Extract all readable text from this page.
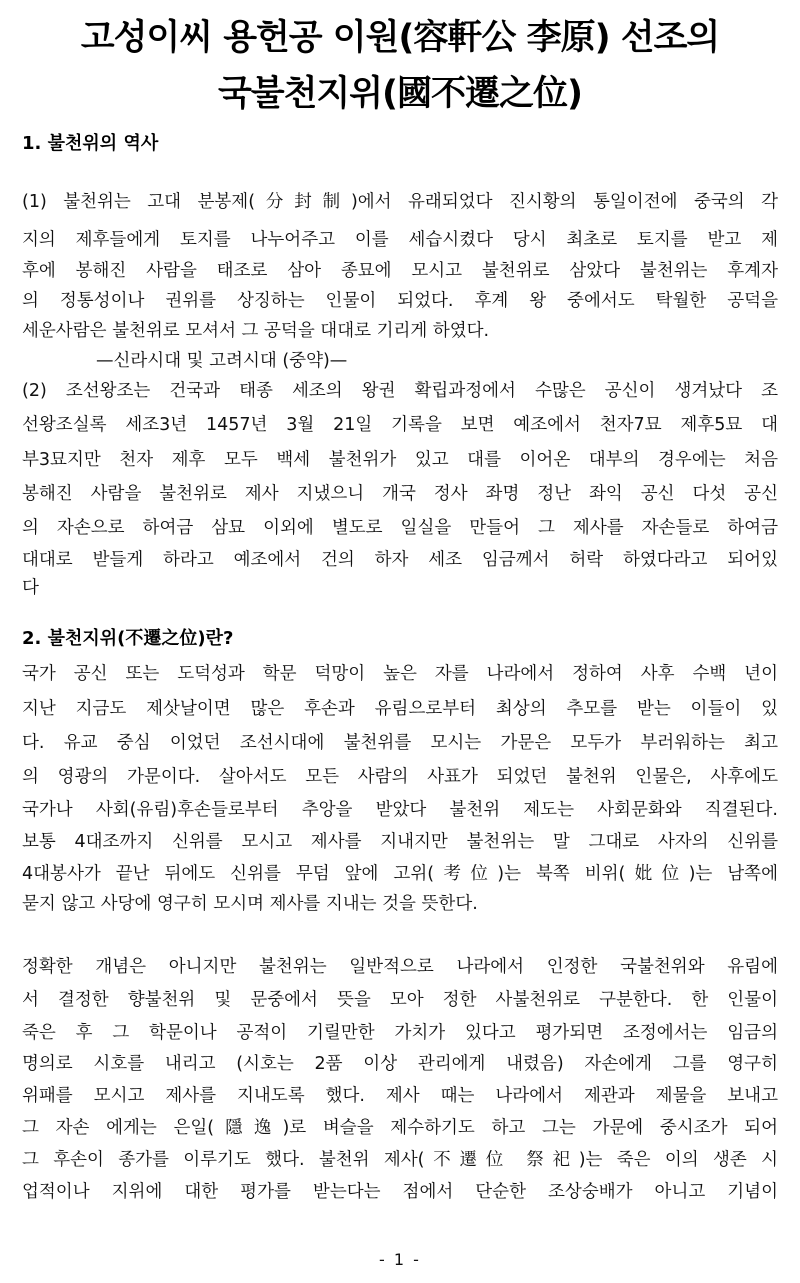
고성이씨 용헌공 이원(容軒公 李原) 선조의
국불천지위(國不遷之位)
1. 불천위의 역사
(1) 불천위는 고대 분봉제(分封制)에서 유래되었다 진시황의 통일이전에 중국의 각
지의 제후들에게 토지를 나누어주고 이를 세습시켰다 당시 최초로 토지를 받고 제
후에 봉해진 사람을 태조로 삼아 종묘에 모시고 불천위로 삼았다 불천위는 후계자
의 정통성이나 권위를 상징하는 인물이 되었다. 후계 왕 중에서도 탁월한 공덕을
세운사람은 불천위로 모셔서 그 공덕을 대대로 기리게 하였다.
—신라시대 및 고려시대 (중약)—
(2) 조선왕조는 건국과 태종 세조의 왕권 확립과정에서 수많은 공신이 생겨났다 조
선왕조실록 세조3년 1457년 3월 21일 기록을 보면 예조에서 천자7묘 제후5묘 대
부3묘지만 천자 제후 모두 백세 불천위가 있고 대를 이어온 대부의 경우에는 처음
봉해진 사람을 불천위로 제사 지냈으니 개국 정사 좌명 정난 좌익 공신 다섯 공신
의 자손으로 하여금 삼묘 이외에 별도로 일실을 만들어 그 제사를 자손들로 하여금
대대로 받들게 하라고 예조에서 건의 하자 세조 임금께서 허락 하였다라고 되어있
다
2. 불천지위(不遷之位)란?
국가 공신 또는 도덕성과 학문 덕망이 높은 자를 나라에서 정하여 사후 수백 년이
지난 지금도 제삿날이면 많은 후손과 유림으로부터 최상의 추모를 받는 이들이 있
다. 유교 중심 이었던 조선시대에 불천위를 모시는 가문은 모두가 부러워하는 최고
의 영광의 가문이다. 살아서도 모든 사람의 사표가 되었던 불천위 인물은, 사후에도
국가나 사회(유림)후손들로부터 추앙을 받았다 불천위 제도는 사회문화와 직결된다.
보통 4대조까지 신위를 모시고 제사를 지내지만 불천위는 말 그대로 사자의 신위를
4대봉사가 끝난 뒤에도 신위를 무덤 앞에 고위(考位)는 북쪽 비위(妣位)는 남쪽에
묻지 않고 사당에 영구히 모시며 제사를 지내는 것을 뜻한다.
정확한 개념은 아니지만 불천위는 일반적으로 나라에서 인정한 국불천위와 유림에
서 결정한 향불천위 및 문중에서 뜻을 모아 정한 사불천위로 구분한다. 한 인물이
죽은 후 그 학문이나 공적이 기릴만한 가치가 있다고 평가되면 조정에서는 임금의
명의로 시호를 내리고 (시호는 2품 이상 관리에게 내렸음) 자손에게 그를 영구히
위패를 모시고 제사를 지내도록 했다. 제사 때는 나라에서 제관과 제물을 보내고
그 자손 에게는 은일(隱逸)로 벼슬을 제수하기도 하고 그는 가문에 중시조가 되어
그 후손이 종가를 이루기도 했다. 불천위 제사(不遷位 祭祀)는 죽은 이의 생존 시
업적이나 지위에 대한 평가를 받는다는 점에서 단순한 조상숭배가 아니고 기념이
- 1 -
